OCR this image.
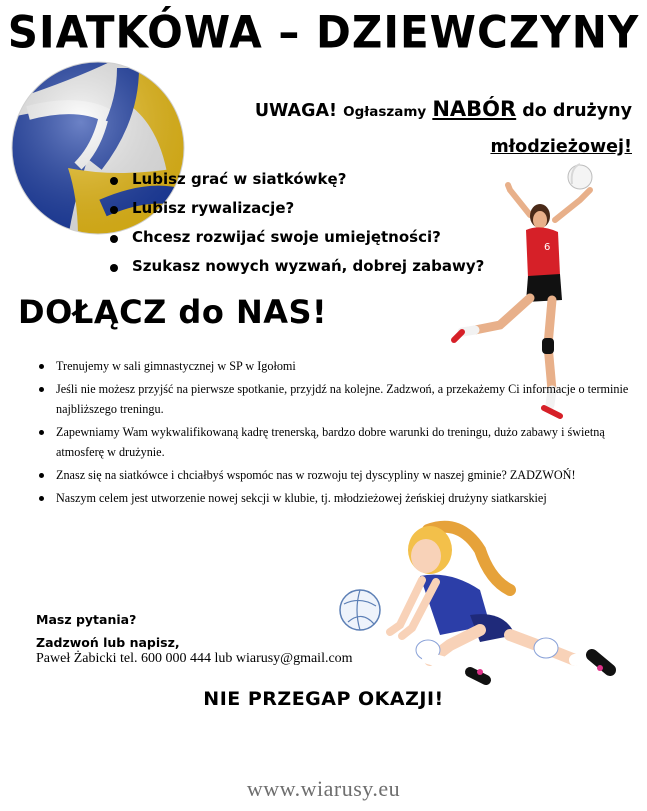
SIATKÓWA – DZIEWCZYNY
UWAGA! Ogłaszamy NABÓR do drużyny
młodzieżowej!
Lubisz grać w siatkówkę?
Lubisz rywalizacje?
Chcesz rozwijać swoje umiejętności?
Szukasz nowych wyzwań, dobrej zabawy?
6
DOŁĄCZ do NAS!
Trenujemy w sali gimnastycznej w SP w Igołomi
Jeśli nie możesz przyjść na pierwsze spotkanie, przyjdź na kolejne. Zadzwoń, a przekażemy Ci informacje o terminie najbliższego treningu.
Zapewniamy Wam wykwalifikowaną kadrę trenerską, bardzo dobre warunki do treningu, dużo zabawy i świetną atmosferę w drużynie.
Znasz się na siatkówce i chciałbyś wspomóc nas w rozwoju tej dyscypliny w naszej gminie? ZADZWOŃ!
Naszym celem jest utworzenie nowej sekcji w klubie, tj. młodzieżowej żeńskiej drużyny siatkarskiej
Masz pytania?
Zadzwoń lub napisz,
Paweł Żabicki tel. 600 000 444 lub wiarusy@gmail.com
NIE PRZEGAP OKAZJI!
www.wiarusy.eu
